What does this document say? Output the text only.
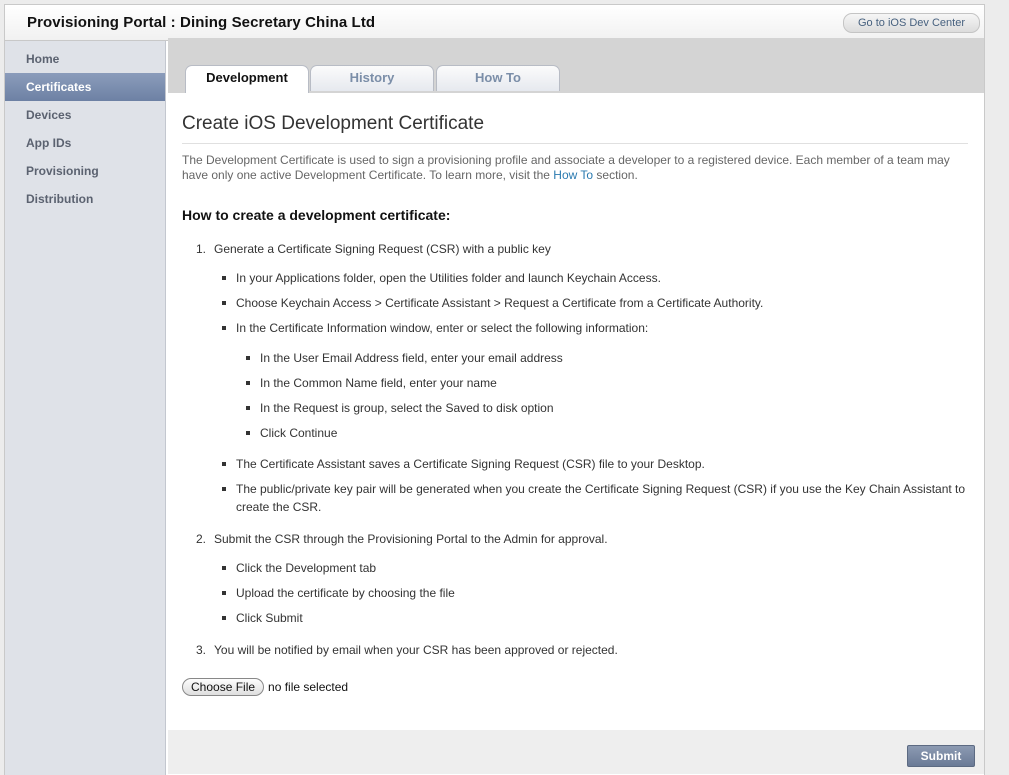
Provisioning Portal : Dining Secretary China Ltd	Go to iOS Dev Center
Home
Certificates
Devices
App IDs
Provisioning
Distribution
Development	History	How To
Create iOS Development Certificate

The Development Certificate is used to sign a provisioning profile and associate a developer to a registered device. Each member of a team may have only one active Development Certificate. To learn more, visit the How To section.

How to create a development certificate:
1. Generate a Certificate Signing Request (CSR) with a public key
In your Applications folder, open the Utilities folder and launch Keychain Access.
Choose Keychain Access > Certificate Assistant > Request a Certificate from a Certificate Authority.
In the Certificate Information window, enter or select the following information:
In the User Email Address field, enter your email address
In the Common Name field, enter your name
In the Request is group, select the Saved to disk option
Click Continue
The Certificate Assistant saves a Certificate Signing Request (CSR) file to your Desktop.
The public/private key pair will be generated when you create the Certificate Signing Request (CSR) if you use the Key Chain Assistant to create the CSR.
2. Submit the CSR through the Provisioning Portal to the Admin for approval.
Click the Development tab
Upload the certificate by choosing the file
Click Submit
3. You will be notified by email when your CSR has been approved or rejected.
Choose File no file selected
Submit
